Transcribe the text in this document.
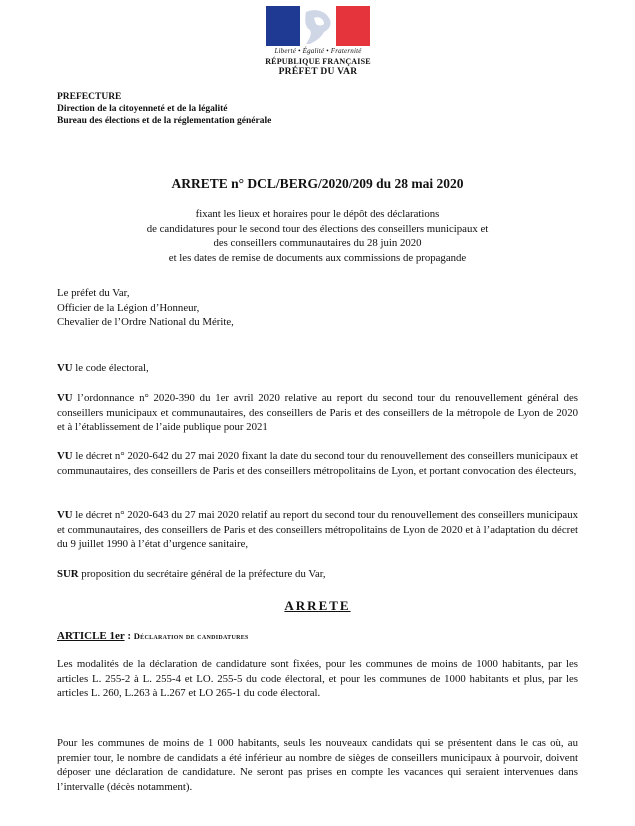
Liberté • Égalité • Fraternité
RÉPUBLIQUE FRANÇAISE
PRÉFET DU VAR
PREFECTURE
Direction de la citoyenneté et de la légalité
Bureau des élections et de la réglementation générale
ARRETE n° DCL/BERG/2020/209 du 28 mai 2020
fixant les lieux et horaires pour le dépôt des déclarations
de candidatures pour le second tour des élections des conseillers municipaux et
des conseillers communautaires du 28 juin 2020
et les dates de remise de documents aux commissions de propagande
Le préfet du Var,
Officier de la Légion d’Honneur,
Chevalier de l’Ordre National du Mérite,
VU le code électoral,
VU l’ordonnance n° 2020-390 du 1er avril 2020 relative au report du second tour du renouvellement général des conseillers municipaux et communautaires, des conseillers de Paris et des conseillers de la métropole de Lyon de 2020 et à l’établissement de l’aide publique pour 2021
VU le décret n° 2020-642 du 27 mai 2020 fixant la date du second tour du renouvellement des conseillers municipaux et communautaires, des conseillers de Paris et des conseillers métropolitains de Lyon, et portant convocation des électeurs,
VU le décret n° 2020-643 du 27 mai 2020 relatif au report du second tour du renouvellement des conseillers municipaux et communautaires, des conseillers de Paris et des conseillers métropolitains de Lyon de 2020 et à l’adaptation du décret du 9 juillet 1990 à l’état d’urgence sanitaire,
SUR proposition du secrétaire général de la préfecture du Var,
ARRETE
ARTICLE 1er : Déclaration de candidatures
Les modalités de la déclaration de candidature sont fixées, pour les communes de moins de 1000 habitants, par les articles L. 255-2 à L. 255-4 et LO. 255-5 du code électoral, et pour les communes de 1000 habitants et plus, par les articles L. 260, L.263 à L.267 et LO 265-1 du code électoral.
Pour les communes de moins de 1 000 habitants, seuls les nouveaux candidats qui se présentent dans le cas où, au premier tour, le nombre de candidats a été inférieur au nombre de sièges de conseillers municipaux à pourvoir, doivent déposer une déclaration de candidature. Ne seront pas prises en compte les vacances qui seraient intervenues dans l’intervalle (décès notamment).
